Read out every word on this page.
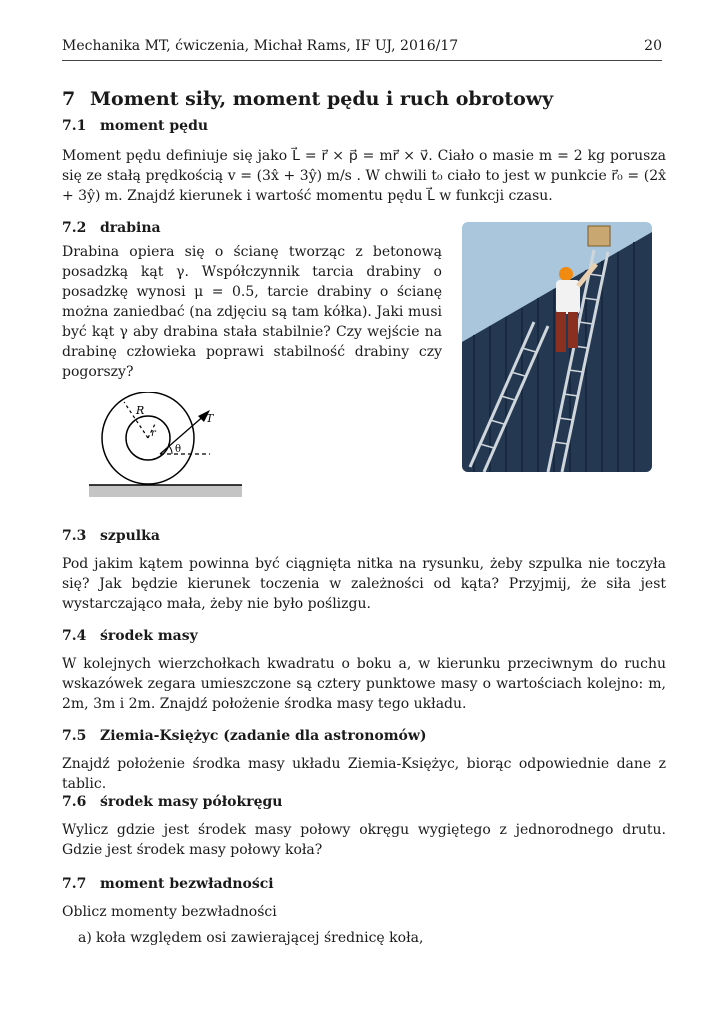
Mechanika MT, ćwiczenia, Michał Rams, IF UJ, 2016/17	20
7 Moment siły, moment pędu i ruch obrotowy
7.1 moment pędu
Moment pędu definiuje się jako L⃗ = r⃗ × p⃗ = mr⃗ × v⃗. Ciało o masie m = 2 kg porusza się ze stałą prędkością v = (3x̂ + 3ŷ) m/s . W chwili t₀ ciało to jest w punkcie r⃗₀ = (2x̂ + 3ŷ) m. Znajdź kierunek i wartość momentu pędu L⃗ w funkcji czasu.
7.2 drabina
Drabina opiera się o ścianę tworząc z betonową posadzką kąt γ. Współczynnik tarcia drabiny o posadzkę wynosi μ = 0.5, tarcie drabiny o ścianę można zaniedbać (na zdjęciu są tam kółka). Jaki musi być kąt γ aby drabina stała stabilnie? Czy wejście na drabinę człowieka poprawi stabilność drabiny czy pogorszy?
R
r
T
θ
7.3 szpulka
Pod jakim kątem powinna być ciągnięta nitka na rysunku, żeby szpulka nie toczyła się? Jak będzie kierunek toczenia w zależności od kąta? Przyjmij, że siła jest wystarczająco mała, żeby nie było poślizgu.
7.4 środek masy
W kolejnych wierzchołkach kwadratu o boku a, w kierunku przeciwnym do ruchu wskazówek zegara umieszczone są cztery punktowe masy o wartościach kolejno: m, 2m, 3m i 2m. Znajdź położenie środka masy tego układu.
7.5 Ziemia-Księżyc (zadanie dla astronomów)
Znajdź położenie środka masy układu Ziemia-Księżyc, biorąc odpowiednie dane z tablic.
7.6 środek masy półokręgu
Wylicz gdzie jest środek masy połowy okręgu wygiętego z jednorodnego drutu. Gdzie jest środek masy połowy koła?
7.7 moment bezwładności
Oblicz momenty bezwładności
a) koła względem osi zawierającej średnicę koła,
